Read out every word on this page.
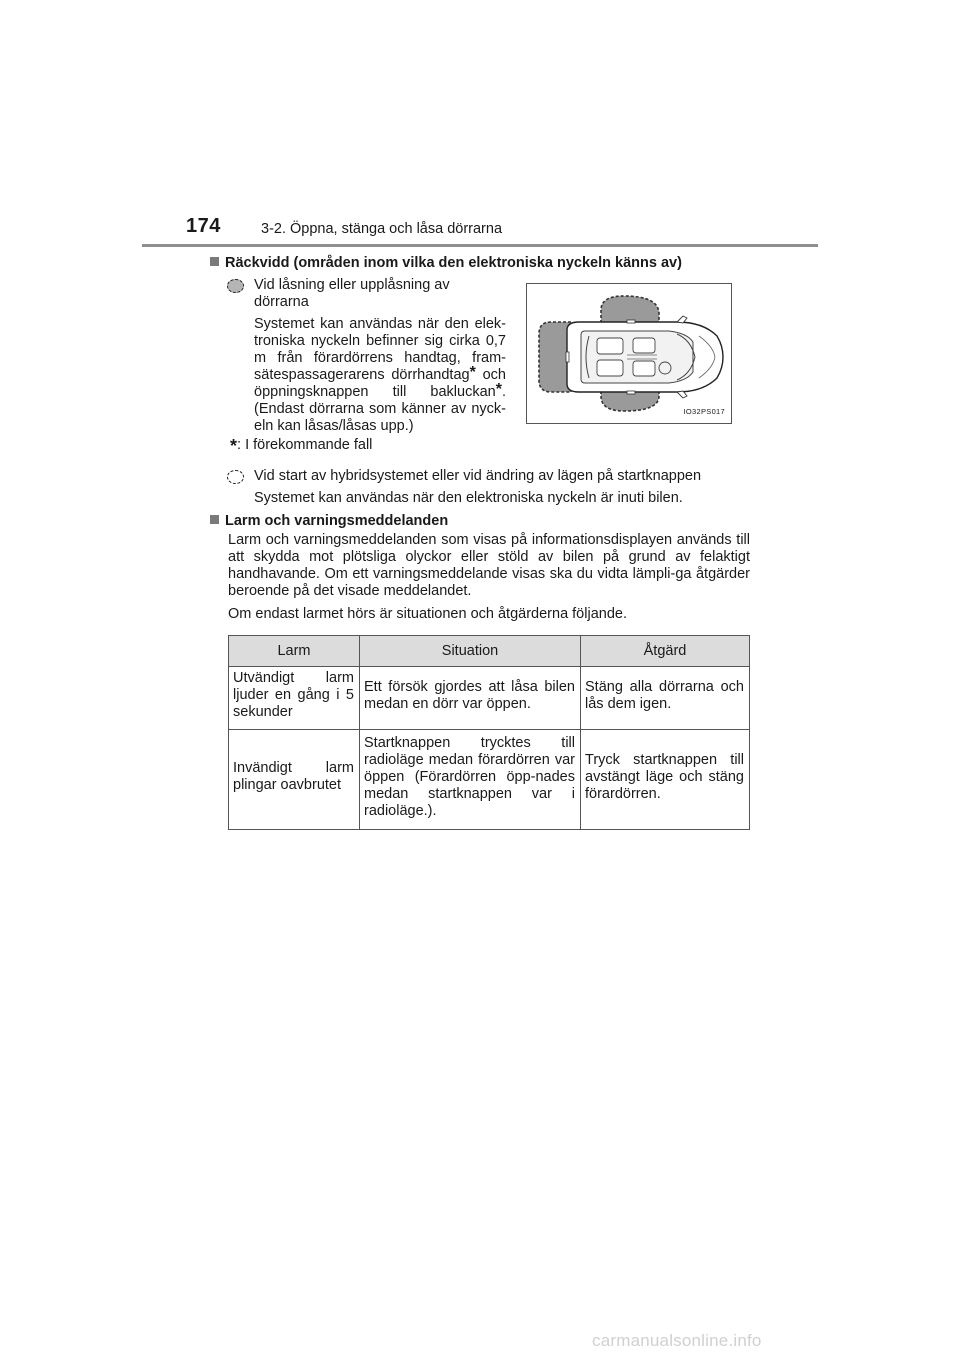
174	3-2. Öppna, stänga och låsa dörrarna

Räckvidd (områden inom vilka den elektroniska nyckeln känns av)

Vid låsning eller upplåsning av dörrarna
Systemet kan användas när den elek-troniska nyckeln befinner sig cirka 0,7 m från förardörrens handtag, fram-sätespassagerarens dörrhandtag* och öppningsknappen till bakluckan*. (Endast dörrarna som känner av nyck-eln kan låsas/låsas upp.)
IO32PS017
*: I förekommande fall
Vid start av hybridsystemet eller vid ändring av lägen på startknappen
Systemet kan användas när den elektroniska nyckeln är inuti bilen.

Larm och varningsmeddelanden

Larm och varningsmeddelanden som visas på informationsdisplayen används till att skydda mot plötsliga olyckor eller stöld av bilen på grund av felaktigt handhavande. Om ett varningsmeddelande visas ska du vidta lämpli-ga åtgärder beroende på det visade meddelandet.
Om endast larmet hörs är situationen och åtgärderna följande.
Larm	Situation	Åtgärd
Utvändigt larm ljuder en gång i 5 sekunder	Ett försök gjordes att låsa bilen medan en dörr var öppen.	Stäng alla dörrarna och lås dem igen.
Invändigt larm plingar oavbrutet	Startknappen trycktes till radioläge medan förardörren var öppen (Förardörren öpp-nades medan startknappen var i radioläge.).	Tryck startknappen till avstängt läge och stäng förardörren.
carmanualsonline.info
